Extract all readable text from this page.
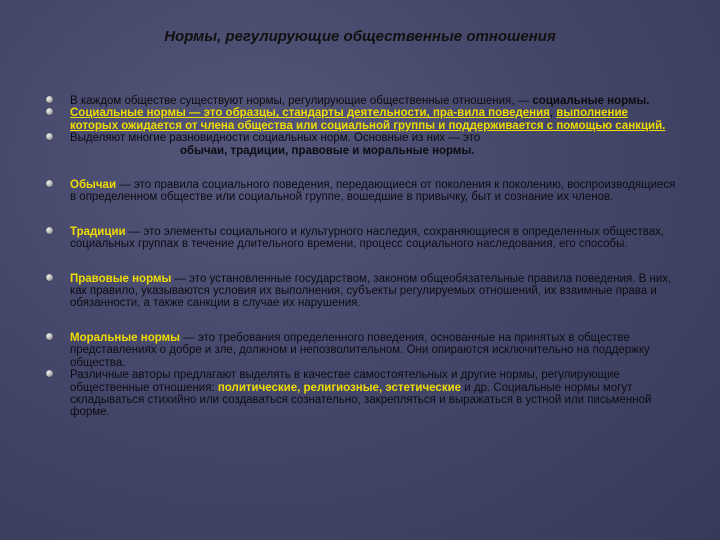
Нормы, регулирующие общественные отношения

В каждом обществе существуют нормы, регулирующие общественные отношения, — социальные нормы.

Социальные нормы — это образцы, стандарты деятельности, пра-вила поведения, выполнение которых ожидается от члена общества или социальной группы и поддерживается с помощью санкций.

Выделяют многие разновидности социальных норм. Основные из них — это
обычаи, традиции, правовые и моральные нормы.

Обычаи — это правила социального поведения, передающиеся от поколения к поколению, воспроизводящиеся в определенном обществе или социальной группе, вошедшие в привычку, быт и сознание их членов.

Традиции — это элементы социального и культурного наследия, сохраняющиеся в определенных обществах, социальных группах в течение длительного времени, процесс социального наследования, его способы.

Правовые нормы — это установленные государством, законом общеобязательные правила поведения. В них, как правило, указываются условия их выполнения, субъекты регулируемых отношений, их взаимные права и обязанности, а также санкции в случае их нарушения.

Моральные нормы — это требования определенного поведения, основанные на принятых в обществе представлениях о добре и зле, должном и непозволительном. Они опираются исключительно на поддержку общества.

Различные авторы предлагают выделять в качестве самостоятельных и другие нормы, регулирующие общественные отношения: политические, религиозные, эстетические и др. Социальные нормы могут складываться стихийно или создаваться сознательно, закрепляться и выражаться в устной или письменной форме.
